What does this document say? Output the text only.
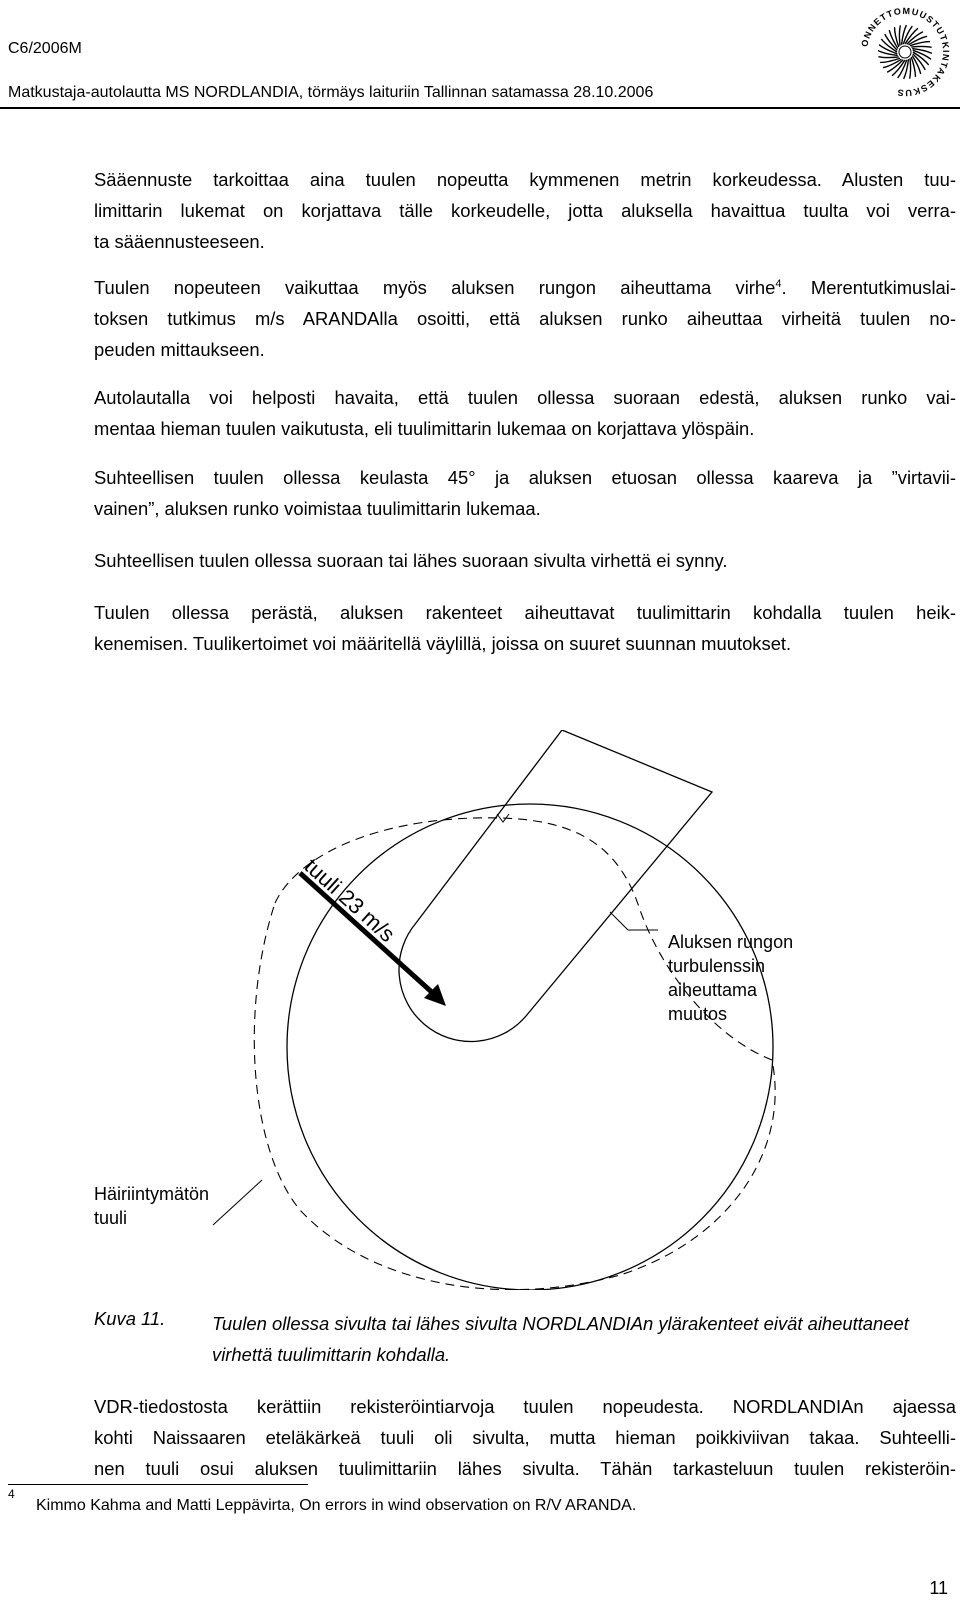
C6/2006M
Matkustaja-autolautta MS NORDLANDIA, törmäys laituriin Tallinnan satamassa 28.10.2006
ONNETTOMUUSTUTKINTAKESKUS
Sääennuste tarkoittaa aina tuulen nopeutta kymmenen metrin korkeudessa. Alusten tuu-
limittarin lukemat on korjattava tälle korkeudelle, jotta aluksella havaittua tuulta voi verra-
ta sääennusteeseen.
Tuulen nopeuteen vaikuttaa myös aluksen rungon aiheuttama virhe$^4$. Merentutkimuslai-
toksen tutkimus m/s ARANDAlla osoitti, että aluksen runko aiheuttaa virheitä tuulen no-
peuden mittaukseen.
Autolautalla voi helposti havaita, että tuulen ollessa suoraan edestä, aluksen runko vai-
mentaa hieman tuulen vaikutusta, eli tuulimittarin lukemaa on korjattava ylöspäin.
Suhteellisen tuulen ollessa keulasta 45° ja aluksen etuosan ollessa kaareva ja ”virtavii-
vainen”, aluksen runko voimistaa tuulimittarin lukemaa.
Suhteellisen tuulen ollessa suoraan tai lähes suoraan sivulta virhettä ei synny.
Tuulen ollessa perästä, aluksen rakenteet aiheuttavat tuulimittarin kohdalla tuulen heik-
kenemisen. Tuulikertoimet voi määritellä väylillä, joissa on suuret suunnan muutokset.
tuuli 23 m/s	Aluksen rungon
turbulenssin
aiheuttama
muutos
Häiriintymätön
tuuli
Kuva 11.	Tuulen ollessa sivulta tai lähes sivulta NORDLANDIAn ylärakenteet eivät aiheuttaneet virhettä tuulimittarin kohdalla.
VDR-tiedostosta kerättiin rekisteröintiarvoja tuulen nopeudesta. NORDLANDIAn ajaessa
kohti Naissaaren eteläkärkeä tuuli oli sivulta, mutta hieman poikkiviivan takaa. Suhteelli-
nen tuuli osui aluksen tuulimittariin lähes sivulta. Tähän tarkasteluun tuulen rekisteröin-
4
Kimmo Kahma and Matti Leppävirta, On errors in wind observation on R/V ARANDA.
11
